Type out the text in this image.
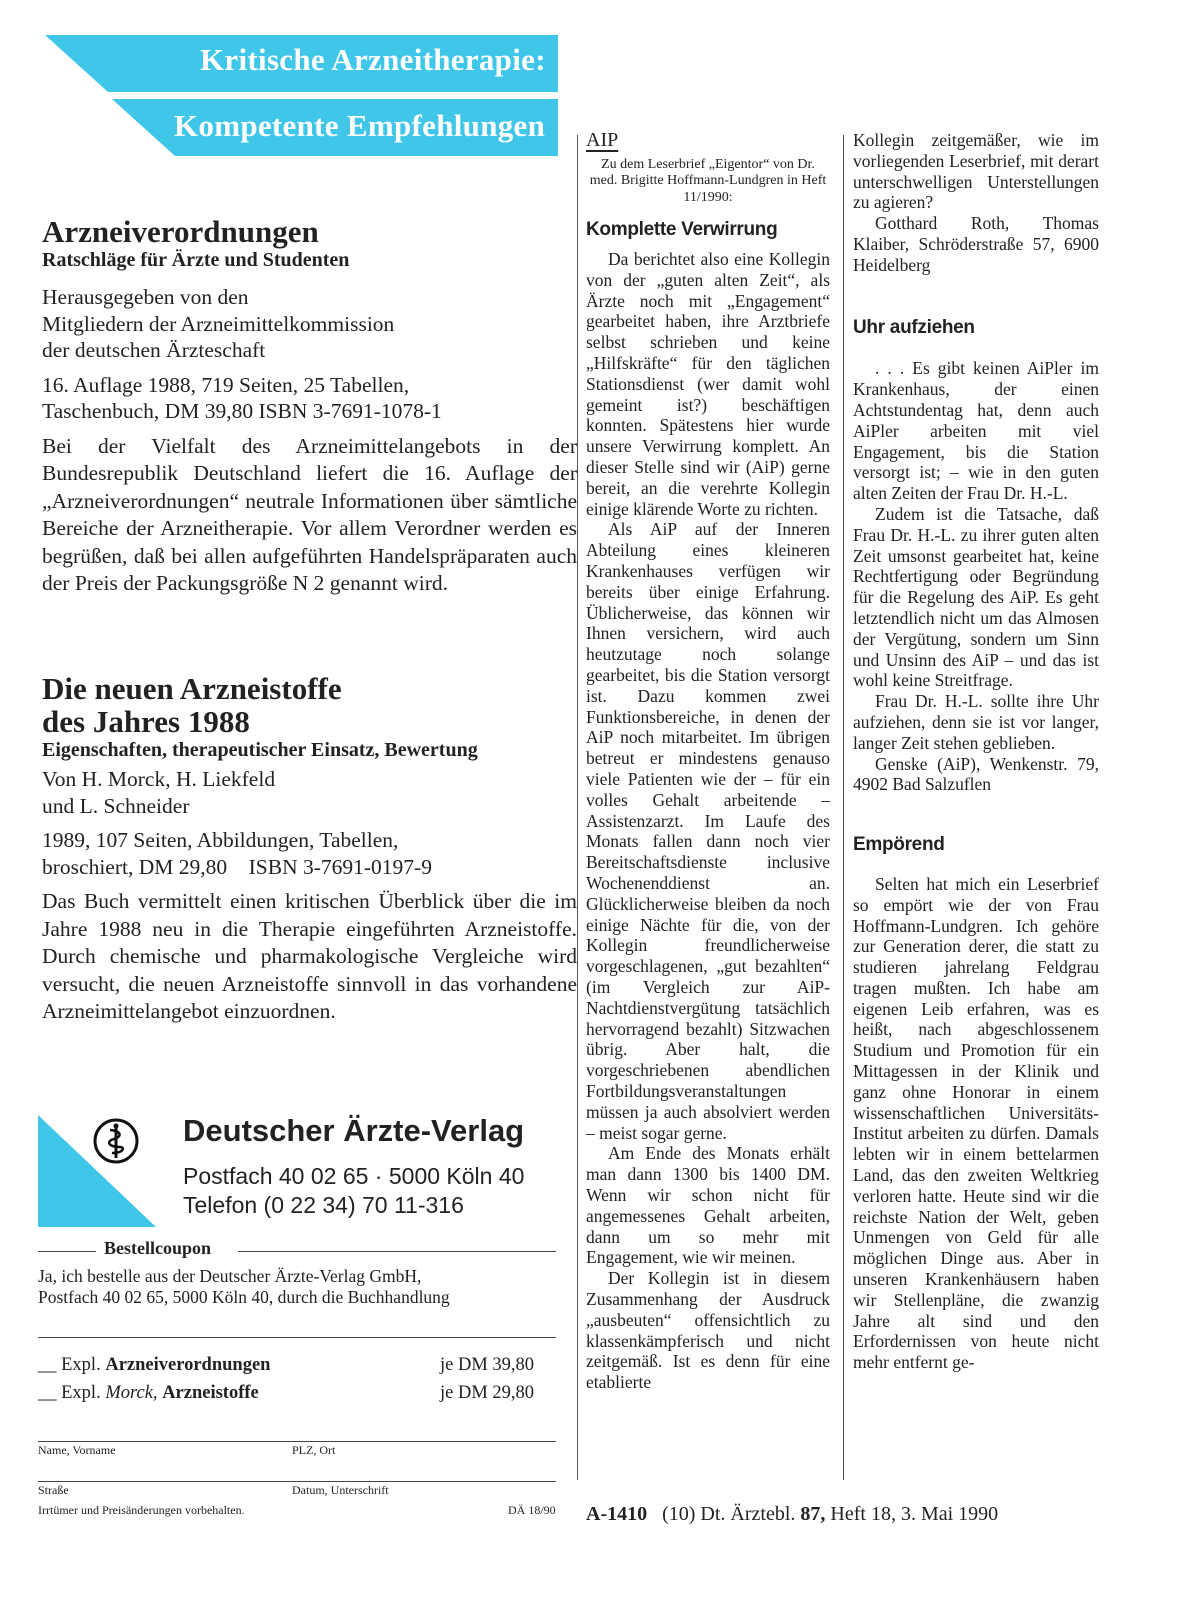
Kritische Arzneitherapie:
Kompetente Empfehlungen
Arzneiverordnungen

Ratschläge für Ärzte und Studenten

Herausgegeben von den

Mitgliedern der Arzneimittelkommission

der deutschen Ärzteschaft

16. Auflage 1988, 719 Seiten, 25 Tabellen,

Taschenbuch, DM 39,80 ISBN 3-7691-1078-1

Bei der Vielfalt des Arzneimittelangebots in der Bundesrepublik Deutschland liefert die 16. Auflage der „Arzneiverordnungen“ neutrale Informationen über sämtliche Bereiche der Arzneitherapie. Vor allem Verordner werden es begrüßen, daß bei allen aufgeführten Handelspräparaten auch der Preis der Packungsgröße N 2 genannt wird.

Die neuen Arzneistoffe
des Jahres 1988

Eigenschaften, therapeutischer Einsatz, Bewertung

Von H. Morck, H. Liekfeld

und L. Schneider

1989, 107 Seiten, Abbildungen, Tabellen,

broschiert, DM 29,80    ISBN 3-7691-0197-9

Das Buch vermittelt einen kritischen Überblick über die im Jahre 1988 neu in die Therapie eingeführten Arzneistoffe. Durch chemische und pharmakologische Vergleiche wird versucht, die neuen Arzneistoffe sinnvoll in das vorhandene Arzneimittelangebot einzuordnen.

Deutscher Ärzte-Verlag
Postfach 40 02 65 · 5000 Köln 40
Telefon (0 22 34) 70 11-316
Bestellcoupon
Ja, ich bestelle aus der Deutscher Ärzte-Verlag GmbH,
Postfach 40 02 65, 5000 Köln 40, durch die Buchhandlung
__ Expl. Arzneiverordnungen	je DM 39,80
__ Expl. Morck, Arzneistoffe	je DM 29,80
Name, Vorname	PLZ, Ort
Straße	Datum, Unterschrift
Irrtümer und Preisänderungen vorbehalten.	DÄ 18/90
AIP
Zu dem Leserbrief „Eigentor“ von Dr. med. Brigitte Hoffmann-Lundgren in Heft 11/1990:
Komplette Verwirrung

Da berichtet also eine Kollegin von der „guten alten Zeit“, als Ärzte noch mit „Engagement“ gearbeitet haben, ihre Arztbriefe selbst schrieben und keine „Hilfskräfte“ für den täglichen Stationsdienst (wer damit wohl gemeint ist?) beschäftigen konnten. Spätestens hier wurde unsere Verwirrung komplett. An dieser Stelle sind wir (AiP) gerne bereit, an die verehrte Kollegin einige klärende Worte zu richten.

Als AiP auf der Inneren Abteilung eines kleineren Krankenhauses verfügen wir bereits über einige Erfahrung. Üblicherweise, das können wir Ihnen versichern, wird auch heutzutage noch solange gearbeitet, bis die Station versorgt ist. Dazu kommen zwei Funktionsbereiche, in denen der AiP noch mitarbeitet. Im übrigen betreut er mindestens genauso viele Patienten wie der – für ein volles Gehalt arbeitende – Assistenzarzt. Im Laufe des Monats fallen dann noch vier Bereitschaftsdienste inclusive Wochenenddienst an. Glücklicherweise bleiben da noch einige Nächte für die, von der Kollegin freundlicherweise vorgeschlagenen, „gut bezahlten“ (im Vergleich zur AiP-Nachtdienstvergütung tatsächlich hervorragend bezahlt) Sitzwachen übrig. Aber halt, die vorgeschriebenen abendlichen Fortbildungsveranstaltungen müssen ja auch absolviert werden – meist sogar gerne.

Am Ende des Monats erhält man dann 1300 bis 1400 DM. Wenn wir schon nicht für angemessenes Gehalt arbeiten, dann um so mehr mit Engagement, wie wir meinen.

Der Kollegin ist in diesem Zusammenhang der Ausdruck „ausbeuten“ offensichtlich zu klassenkämpferisch und nicht zeitgemäß. Ist es denn für eine etablierte

Kollegin zeitgemäßer, wie im vorliegenden Leserbrief, mit derart unterschwelligen Unterstellungen zu agieren?

Gotthard Roth, Thomas Klaiber, Schröderstraße 57, 6900 Heidelberg

Uhr aufziehen

. . . Es gibt keinen AiPler im Krankenhaus, der einen Achtstundentag hat, denn auch AiPler arbeiten mit viel Engagement, bis die Station versorgt ist; – wie in den guten alten Zeiten der Frau Dr. H.-L.

Zudem ist die Tatsache, daß Frau Dr. H.-L. zu ihrer guten alten Zeit umsonst gearbeitet hat, keine Rechtfertigung oder Begründung für die Regelung des AiP. Es geht letztendlich nicht um das Almosen der Vergütung, sondern um Sinn und Unsinn des AiP – und das ist wohl keine Streitfrage.

Frau Dr. H.-L. sollte ihre Uhr aufziehen, denn sie ist vor langer, langer Zeit stehen geblieben.

Genske (AiP), Wenkenstr. 79, 4902 Bad Salzuflen

Empörend

Selten hat mich ein Leserbrief so empört wie der von Frau Hoffmann-Lundgren. Ich gehöre zur Generation derer, die statt zu studieren jahrelang Feldgrau tragen mußten. Ich habe am eigenen Leib erfahren, was es heißt, nach abgeschlossenem Studium und Promotion für ein Mittagessen in der Klinik und ganz ohne Honorar in einem wissenschaftlichen Universitäts-Institut arbeiten zu dürfen. Damals lebten wir in einem bettelarmen Land, das den zweiten Weltkrieg verloren hatte. Heute sind wir die reichste Nation der Welt, geben Unmengen von Geld für alle möglichen Dinge aus. Aber in unseren Krankenhäusern haben wir Stellenpläne, die zwanzig Jahre alt sind und den Erfordernissen von heute nicht mehr entfernt ge-

A-1410 (10) Dt. Ärztebl. 87, Heft 18, 3. Mai 1990
